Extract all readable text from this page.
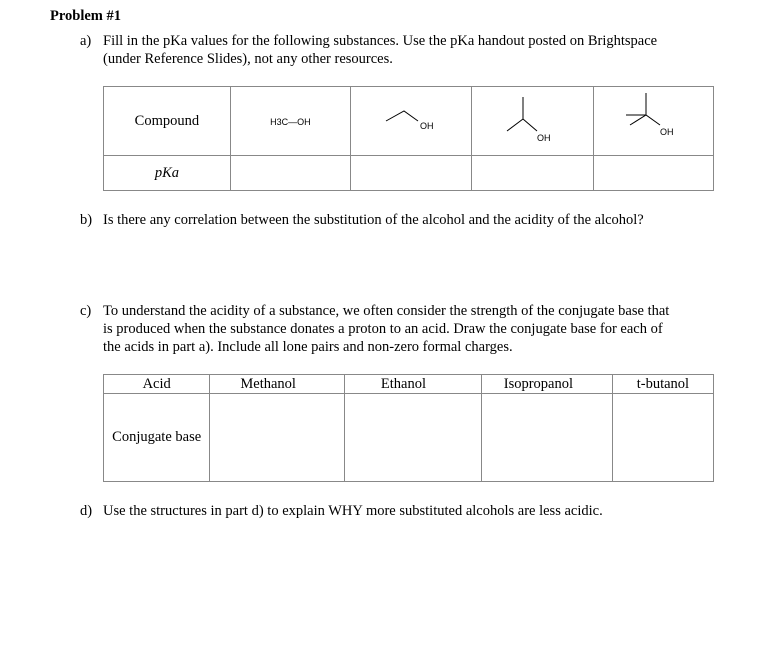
Problem #1
a) Fill in the pKa values for the following substances. Use the pKa handout posted on Brightspace
(under Reference Slides), not any other resources.
Compound	H3C—OH	OH	OH	OH

pKa				
b) Is there any correlation between the substitution of the alcohol and the acidity of the alcohol?
c) To understand the acidity of a substance, we often consider the strength of the conjugate base that
is produced when the substance donates a proton to an acid. Draw the conjugate base for each of
the acids in part a). Include all lone pairs and non-zero formal charges.
Acid	Methanol	Ethanol	Isopropanol	t-butanol
Conjugate base				
d) Use the structures in part d) to explain WHY more substituted alcohols are less acidic.
